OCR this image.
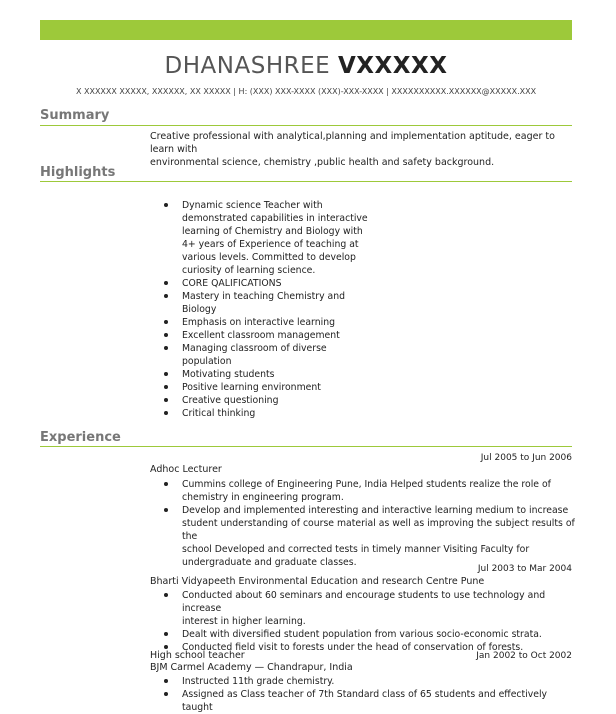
DHANASHREE VXXXXX
X XXXXXX XXXXX, XXXXXX, XX XXXXX | H: (XXX) XXX-XXXX (XXX)-XXX-XXXX | XXXXXXXXXX.XXXXXX@XXXXX.XXX
Summary
Creative professional with analytical,planning and implementation aptitude, eager to learn with
environmental science, chemistry ,public health and safety background.
Highlights
Dynamic science Teacher with
demonstrated capabilities in interactive
learning of Chemistry and Biology with
4+ years of Experience of teaching at
various levels. Committed to develop
curiosity of learning science.
CORE QALIFICATIONS
Mastery in teaching Chemistry and
Biology
Emphasis on interactive learning
Excellent classroom management
Managing classroom of diverse
population
Motivating students
Positive learning environment
Creative questioning
Critical thinking
Experience
Jul 2005 to Jun 2006
Adhoc Lecturer
Cummins college of Engineering Pune, India Helped students realize the role of
chemistry in engineering program.
Develop and implemented interesting and interactive learning medium to increase
student understanding of course material as well as improving the subject results of the
school Developed and corrected tests in timely manner Visiting Faculty for
undergraduate and graduate classes.
Jul 2003 to Mar 2004
Bharti Vidyapeeth Environmental Education and research Centre Pune
Conducted about 60 seminars and encourage students to use technology and increase
interest in higher learning.
Dealt with diversified student population from various socio-economic strata.
Conducted field visit to forests under the head of conservation of forests.
Jan 2002 to Oct 2002
High school teacher
BJM Carmel Academy — Chandrapur, India
Instructed 11th grade chemistry.
Assigned as Class teacher of 7th Standard class of 65 students and effectively taught
